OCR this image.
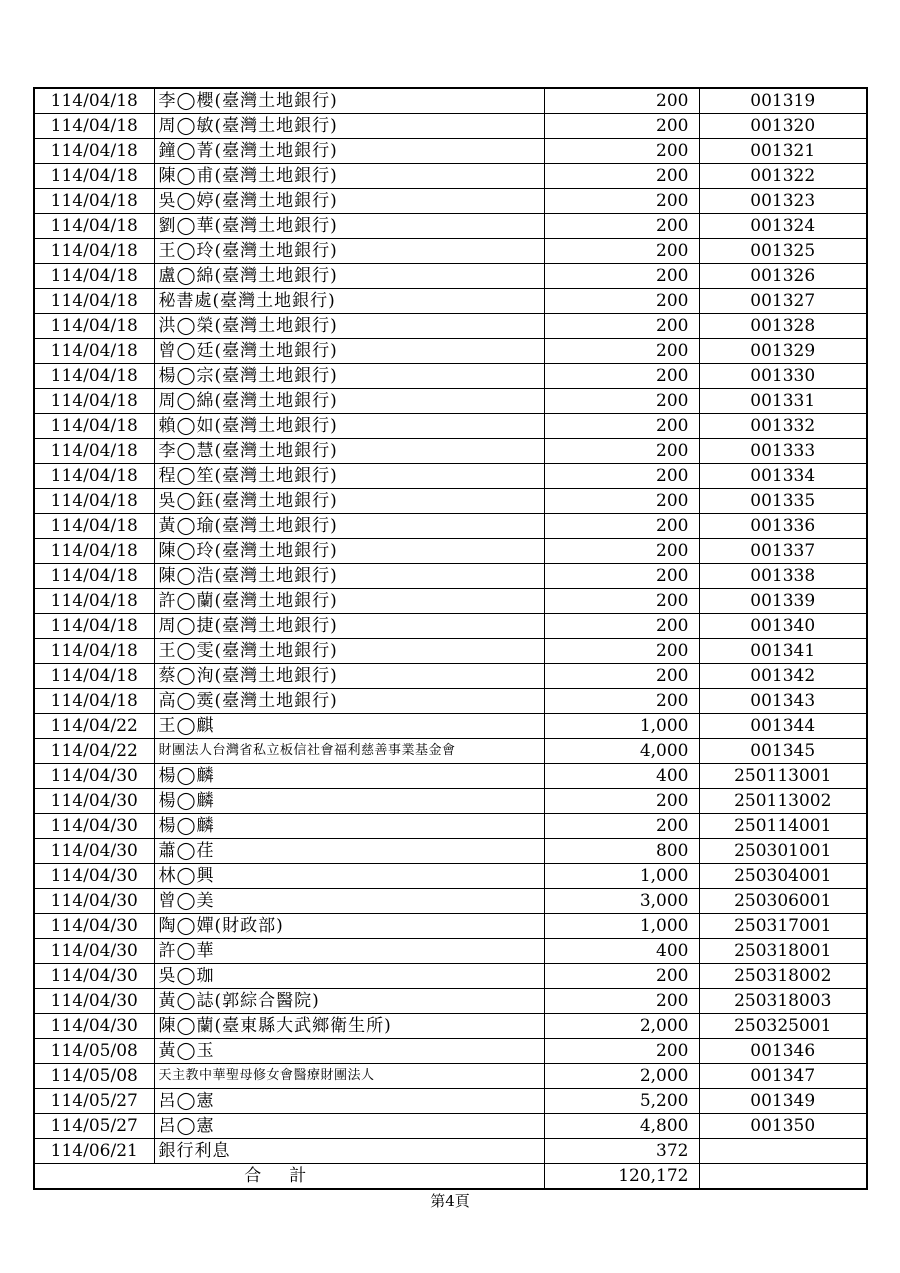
114/04/18	李◯櫻(臺灣土地銀行)	200	001319
114/04/18	周◯敏(臺灣土地銀行)	200	001320
114/04/18	鐘◯菁(臺灣土地銀行)	200	001321
114/04/18	陳◯甫(臺灣土地銀行)	200	001322
114/04/18	吳◯婷(臺灣土地銀行)	200	001323
114/04/18	劉◯華(臺灣土地銀行)	200	001324
114/04/18	王◯玲(臺灣土地銀行)	200	001325
114/04/18	盧◯綿(臺灣土地銀行)	200	001326
114/04/18	秘書處(臺灣土地銀行)	200	001327
114/04/18	洪◯榮(臺灣土地銀行)	200	001328
114/04/18	曾◯廷(臺灣土地銀行)	200	001329
114/04/18	楊◯宗(臺灣土地銀行)	200	001330
114/04/18	周◯綿(臺灣土地銀行)	200	001331
114/04/18	賴◯如(臺灣土地銀行)	200	001332
114/04/18	李◯慧(臺灣土地銀行)	200	001333
114/04/18	程◯笙(臺灣土地銀行)	200	001334
114/04/18	吳◯鈺(臺灣土地銀行)	200	001335
114/04/18	黃◯瑜(臺灣土地銀行)	200	001336
114/04/18	陳◯玲(臺灣土地銀行)	200	001337
114/04/18	陳◯浩(臺灣土地銀行)	200	001338
114/04/18	許◯蘭(臺灣土地銀行)	200	001339
114/04/18	周◯捷(臺灣土地銀行)	200	001340
114/04/18	王◯雯(臺灣土地銀行)	200	001341
114/04/18	蔡◯洵(臺灣土地銀行)	200	001342
114/04/18	高◯霙(臺灣土地銀行)	200	001343
114/04/22	王◯麒	1,000	001344
114/04/22	財團法人台灣省私立板信社會福利慈善事業基金會	4,000	001345
114/04/30	楊◯麟	400	250113001
114/04/30	楊◯麟	200	250113002
114/04/30	楊◯麟	200	250114001
114/04/30	蕭◯荏	800	250301001
114/04/30	林◯興	1,000	250304001
114/04/30	曾◯美	3,000	250306001
114/04/30	陶◯嬋(財政部)	1,000	250317001
114/04/30	許◯華	400	250318001
114/04/30	吳◯珈	200	250318002
114/04/30	黃◯誌(郭綜合醫院)	200	250318003
114/04/30	陳◯蘭(臺東縣大武鄉衛生所)	2,000	250325001
114/05/08	黃◯玉	200	001346
114/05/08	天主教中華聖母修女會醫療財團法人	2,000	001347
114/05/27	呂◯憲	5,200	001349
114/05/27	呂◯憲	4,800	001350
114/06/21	銀行利息	372	
合計		120,172	
第4頁
